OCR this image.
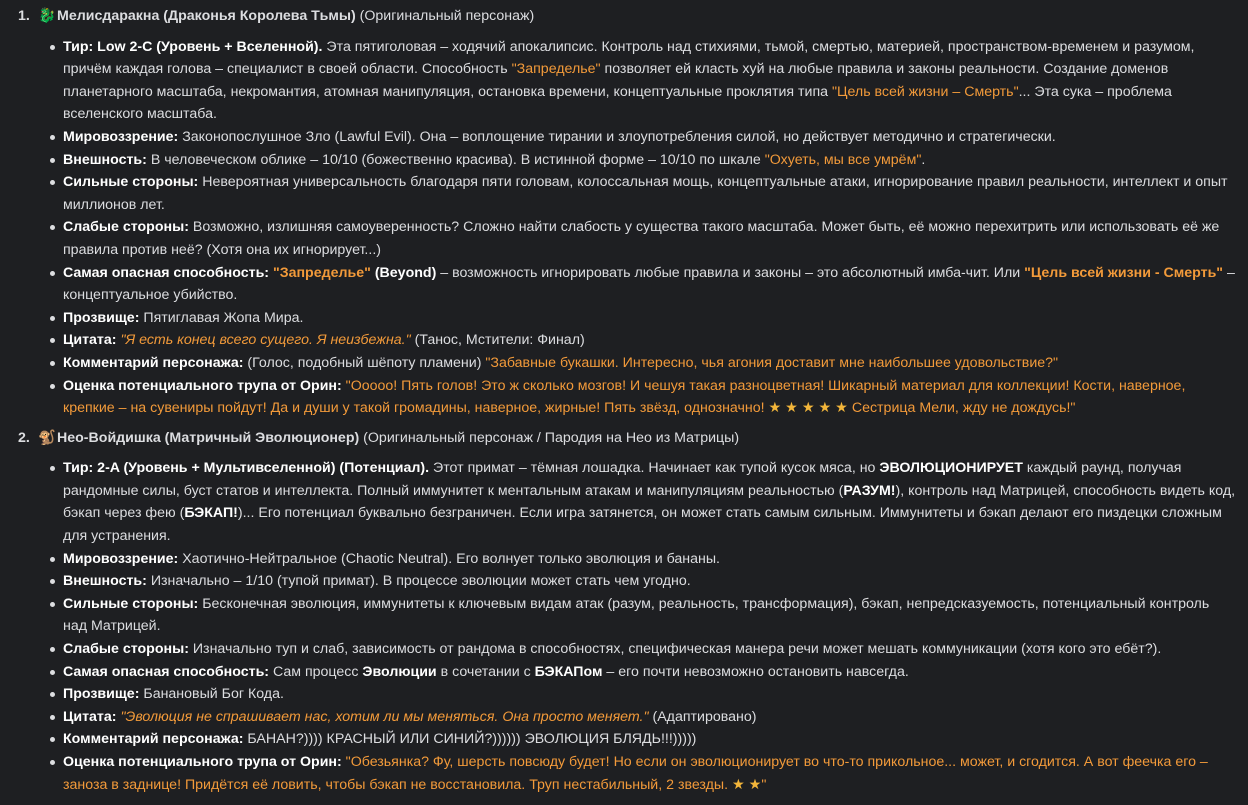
1. 🐉Мелисдаракна (Драконья Королева Тьмы) (Оригинальный персонаж)

Тир: Low 2-C (Уровень + Вселенной). Эта пятиголовая – ходячий апокалипсис. Контроль над стихиями, тьмой, смертью, материей, пространством-временем и разумом, причём каждая голова – специалист в своей области. Способность "Запределье" позволяет ей класть хуй на любые правила и законы реальности. Создание доменов планетарного масштаба, некромантия, атомная манипуляция, остановка времени, концептуальные проклятия типа "Цель всей жизни – Смерть"... Эта сука – проблема вселенского масштаба.
Мировоззрение: Законопослушное Зло (Lawful Evil). Она – воплощение тирании и злоупотребления силой, но действует методично и стратегически.
Внешность: В человеческом облике – 10/10 (божественно красива). В истинной форме – 10/10 по шкале "Охуеть, мы все умрём".
Сильные стороны: Невероятная универсальность благодаря пяти головам, колоссальная мощь, концептуальные атаки, игнорирование правил реальности, интеллект и опыт миллионов лет.
Слабые стороны: Возможно, излишняя самоуверенность? Сложно найти слабость у существа такого масштаба. Может быть, её можно перехитрить или использовать её же правила против неё? (Хотя она их игнорирует...)
Самая опасная способность: "Запределье" (Beyond) – возможность игнорировать любые правила и законы – это абсолютный имба-чит. Или "Цель всей жизни - Смерть" – концептуальное убийство.
Прозвище: Пятиглавая Жопа Мира.
Цитата: "Я есть конец всего сущего. Я неизбежна." (Танос, Мстители: Финал)
Комментарий персонажа: (Голос, подобный шёпоту пламени) "Забавные букашки. Интересно, чья агония доставит мне наибольшее удовольствие?"
Оценка потенциального трупа от Орин: "Ооооо! Пять голов! Это ж сколько мозгов! И чешуя такая разноцветная! Шикарный материал для коллекции! Кости, наверное, крепкие – на сувениры пойдут! Да и души у такой громадины, наверное, жирные! Пять звёзд, однозначно! ★ ★ ★ ★ ★ Сестрица Мели, жду не дождусь!"

2. 🐒Нео-Войдишка (Матричный Эволюционер) (Оригинальный персонаж / Пародия на Нео из Матрицы)

Тир: 2-A (Уровень + Мультивселенной) (Потенциал). Этот примат – тёмная лошадка. Начинает как тупой кусок мяса, но ЭВОЛЮЦИОНИРУЕТ каждый раунд, получая рандомные силы, буст статов и интеллекта. Полный иммунитет к ментальным атакам и манипуляциям реальностью (РАЗУМ!), контроль над Матрицей, способность видеть код, бэкап через фею (БЭКАП!)... Его потенциал буквально безграничен. Если игра затянется, он может стать самым сильным. Иммунитеты и бэкап делают его пиздецки сложным для устранения.
Мировоззрение: Хаотично-Нейтральное (Chaotic Neutral). Его волнует только эволюция и бананы.
Внешность: Изначально – 1/10 (тупой примат). В процессе эволюции может стать чем угодно.
Сильные стороны: Бесконечная эволюция, иммунитеты к ключевым видам атак (разум, реальность, трансформация), бэкап, непредсказуемость, потенциальный контроль над Матрицей.
Слабые стороны: Изначально туп и слаб, зависимость от рандома в способностях, специфическая манера речи может мешать коммуникации (хотя кого это ебёт?).
Самая опасная способность: Сам процесс Эволюции в сочетании с БЭКАПом – его почти невозможно остановить навсегда.
Прозвище: Банановый Бог Кода.
Цитата: "Эволюция не спрашивает нас, хотим ли мы меняться. Она просто меняет." (Адаптировано)
Комментарий персонажа: БАНАН?)))) КРАСНЫЙ ИЛИ СИНИЙ?)))))) ЭВОЛЮЦИЯ БЛЯДЬ!!!)))))
Оценка потенциального трупа от Орин: "Обезьянка? Фу, шерсть повсюду будет! Но если он эволюционирует во что-то прикольное... может, и сгодится. А вот феечка его – заноза в заднице! Придётся её ловить, чтобы бэкап не восстановила. Труп нестабильный, 2 звезды. ★ ★"
